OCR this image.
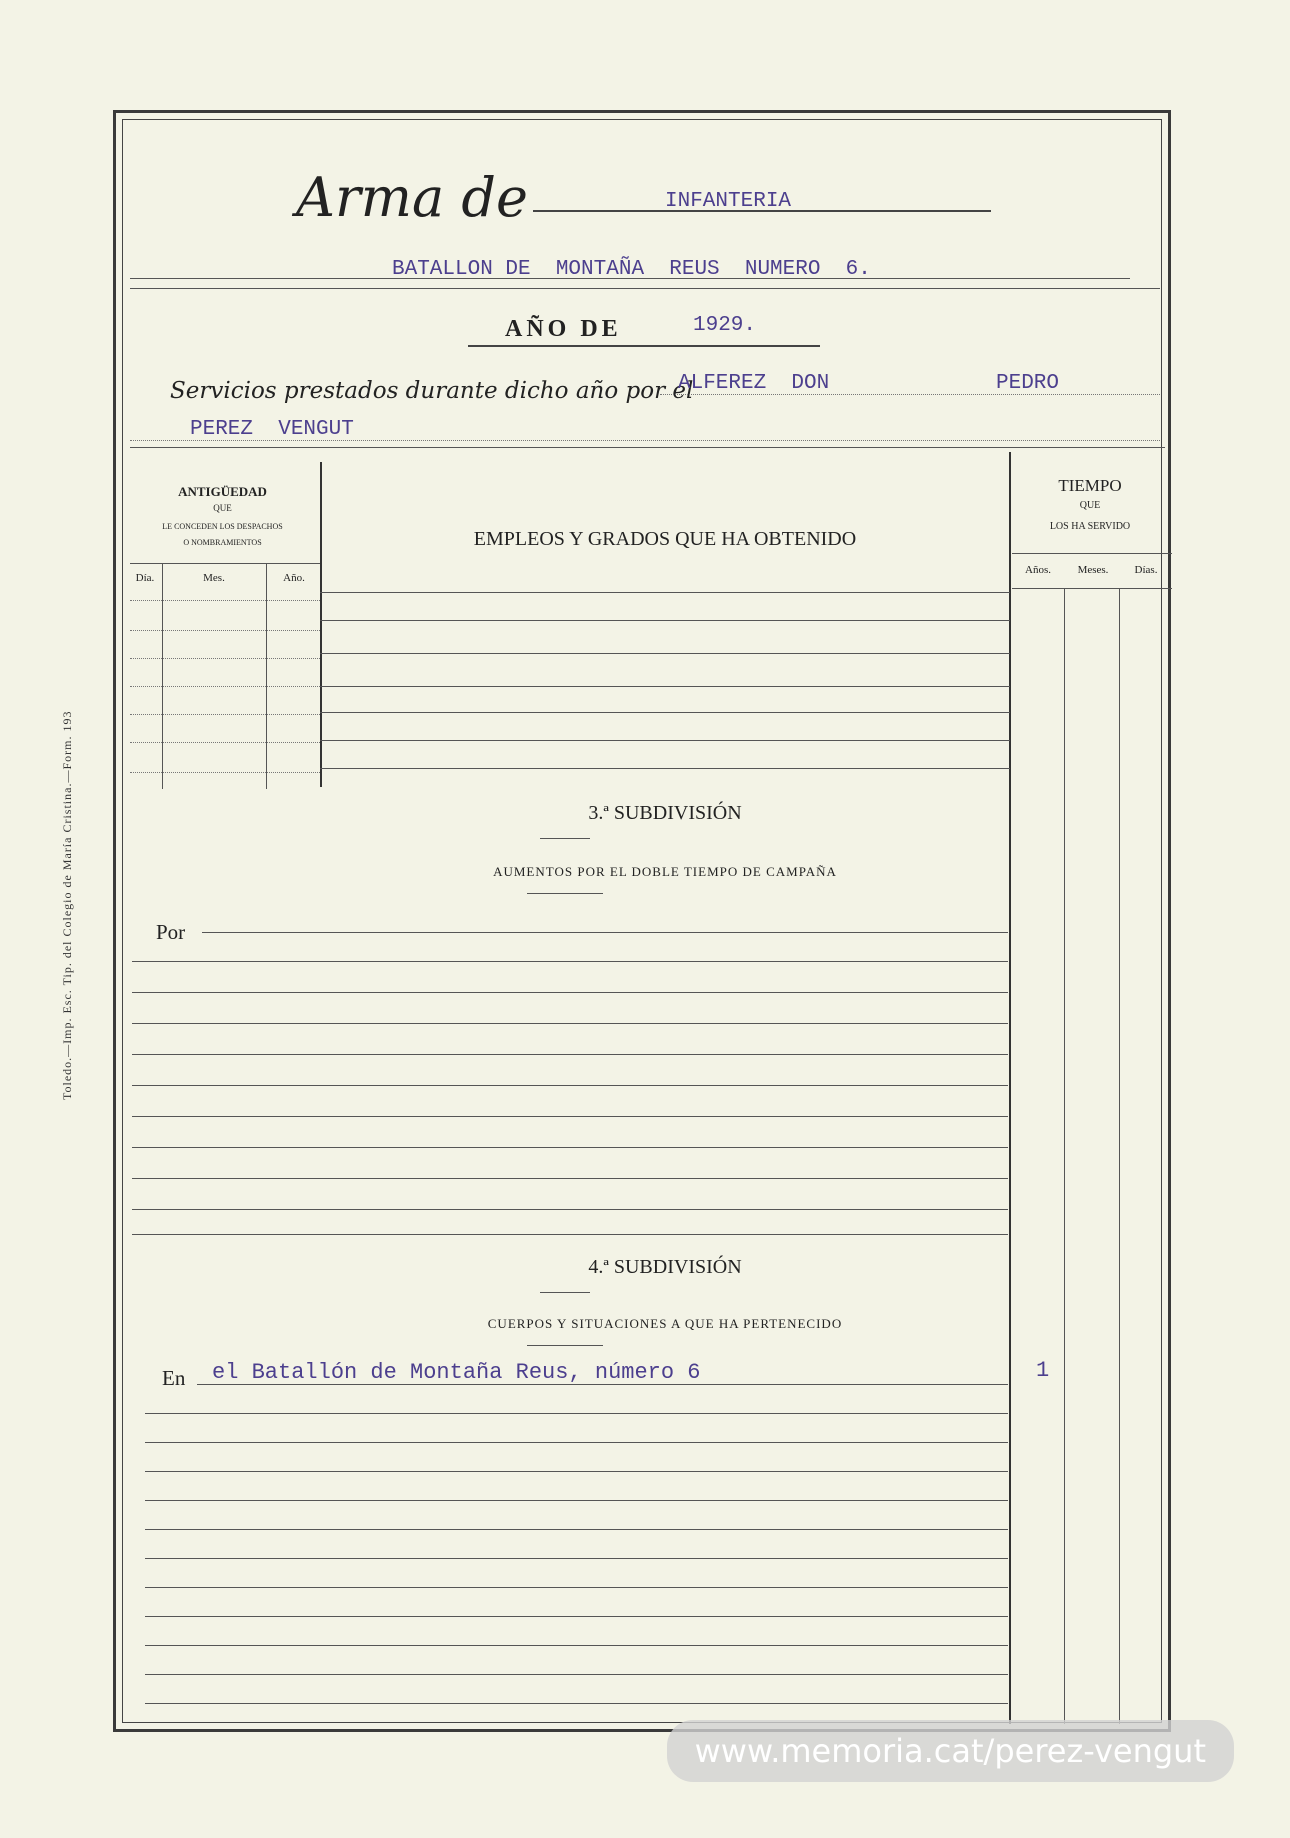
Toledo.—Imp. Esc. Tip. del Colegio de María Cristina.—Form. 193
Arma de	INFANTERIA
BATALLON DE  MONTAÑA  REUS  NUMERO  6.
AÑO DE	1929.
Servicios prestados durante dicho año por el
ALFEREZ  DON	PEDRO
PEREZ  VENGUT
ANTIGÜEDAD
QUE
LE CONCEDEN LOS DESPACHOS
O NOMBRAMIENTOS
Día.	Mes.	Año.
EMPLEOS Y GRADOS QUE HA OBTENIDO
TIEMPO
QUE
LOS HA SERVIDO
Años.	Meses.	Días.
3.ª SUBDIVISIÓN
AUMENTOS POR EL DOBLE TIEMPO DE CAMPAÑA
Por
4.ª SUBDIVISIÓN
CUERPOS Y SITUACIONES A QUE HA PERTENECIDO
En el Batallón de Montaña Reus, número 6	1
www.memoria.cat/perez-vengut
